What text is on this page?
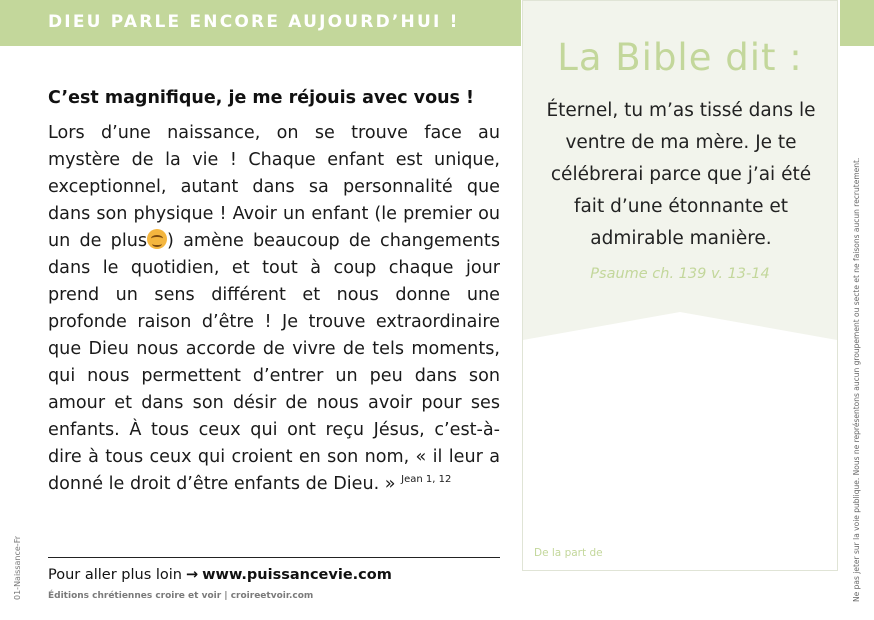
DIEU PARLE ENCORE AUJOURD’HUI !
C’est magnifique, je me réjouis avec vous !
Lors d’une naissance, on se trouve face au mystère de la vie ! Chaque enfant est unique, exceptionnel, autant dans sa personnalité que dans son physique ! Avoir un enfant (le premier ou un de plus ) amène beaucoup de changements dans le quotidien, et tout à coup chaque jour prend un sens différent et nous donne une profonde raison d’être ! Je trouve extraordinaire que Dieu nous accorde de vivre de tels moments, qui nous permettent d’entrer un peu dans son amour et dans son désir de nous avoir pour ses enfants. À tous ceux qui ont reçu Jésus, c’est-à-dire à tous ceux qui croient en son nom, « il leur a donné le droit d’être enfants de Dieu. » $^{Jean 1, 12}$
Pour aller plus loin → www.puissancevie.com
Éditions chrétiennes croire et voir | croireetvoir.com
01-Naissance-Fr
La Bible dit :
Éternel, tu m’as tissé dans le ventre de ma mère. Je te célébrerai parce que j’ai été fait d’une étonnante et admirable manière.
Psaume ch. 139 v. 13-14
De la part de	Ne pas jeter sur la voie publique. Nous ne représentons aucun groupement ou secte et ne faisons aucun recrutement.
